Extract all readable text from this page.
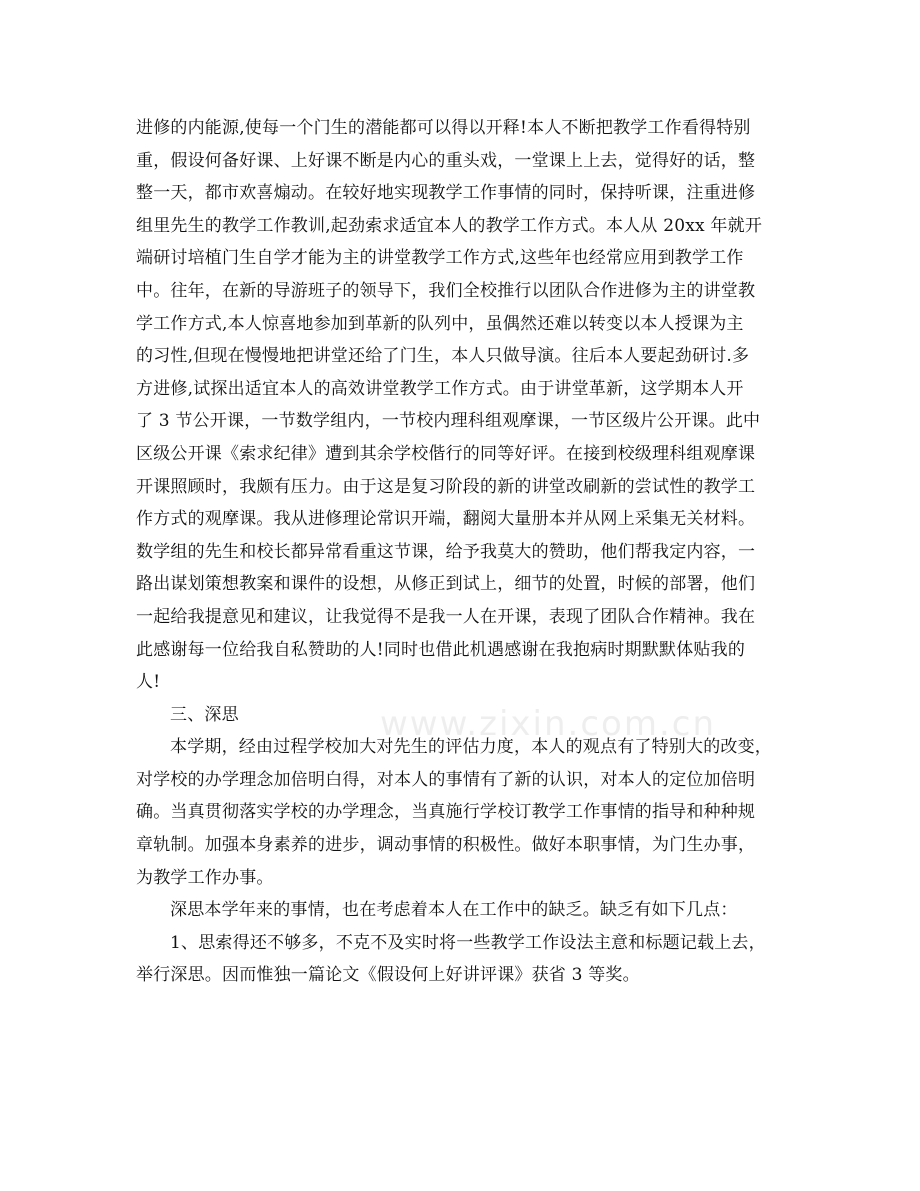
www.zixin.com.cn
进修的内能源,使每一个门生的潜能都可以得以开释!本人不断把教学工作看得特别
重，假设何备好课、上好课不断是内心的重头戏，一堂课上上去，觉得好的话，整
整一天，都市欢喜煽动。在较好地实现教学工作事情的同时，保持听课，注重进修
组里先生的教学工作教训,起劲索求适宜本人的教学工作方式。本人从 20xx 年就开
端研讨培植门生自学才能为主的讲堂教学工作方式,这些年也经常应用到教学工作
中。往年，在新的导游班子的领导下，我们全校推行以团队合作进修为主的讲堂教
学工作方式,本人惊喜地参加到革新的队列中，虽偶然还难以转变以本人授课为主
的习性,但现在慢慢地把讲堂还给了门生，本人只做导演。往后本人要起劲研讨.多
方进修,试探出适宜本人的高效讲堂教学工作方式。由于讲堂革新，这学期本人开
了 3 节公开课，一节数学组内，一节校内理科组观摩课，一节区级片公开课。此中
区级公开课《索求纪律》遭到其余学校偕行的同等好评。在接到校级理科组观摩课
开课照顾时，我颇有压力。由于这是复习阶段的新的讲堂改刷新的尝试性的教学工
作方式的观摩课。我从进修理论常识开端，翻阅大量册本并从网上采集无关材料。
数学组的先生和校长都异常看重这节课，给予我莫大的赞助，他们帮我定内容，一
路出谋划策想教案和课件的设想，从修正到试上，细节的处置，时候的部署，他们
一起给我提意见和建议，让我觉得不是我一人在开课，表现了团队合作精神。我在
此感谢每一位给我自私赞助的人!同时也借此机遇感谢在我抱病时期默默体贴我的
人!
三、深思
本学期，经由过程学校加大对先生的评估力度，本人的观点有了特别大的改变，
对学校的办学理念加倍明白得，对本人的事情有了新的认识，对本人的定位加倍明
确。当真贯彻落实学校的办学理念，当真施行学校订教学工作事情的指导和种种规
章轨制。加强本身素养的进步，调动事情的积极性。做好本职事情，为门生办事，
为教学工作办事。
深思本学年来的事情，也在考虑着本人在工作中的缺乏。缺乏有如下几点：
1、思索得还不够多，不克不及实时将一些教学工作设法主意和标题记载上去，
举行深思。因而惟独一篇论文《假设何上好讲评课》获省 3 等奖。
